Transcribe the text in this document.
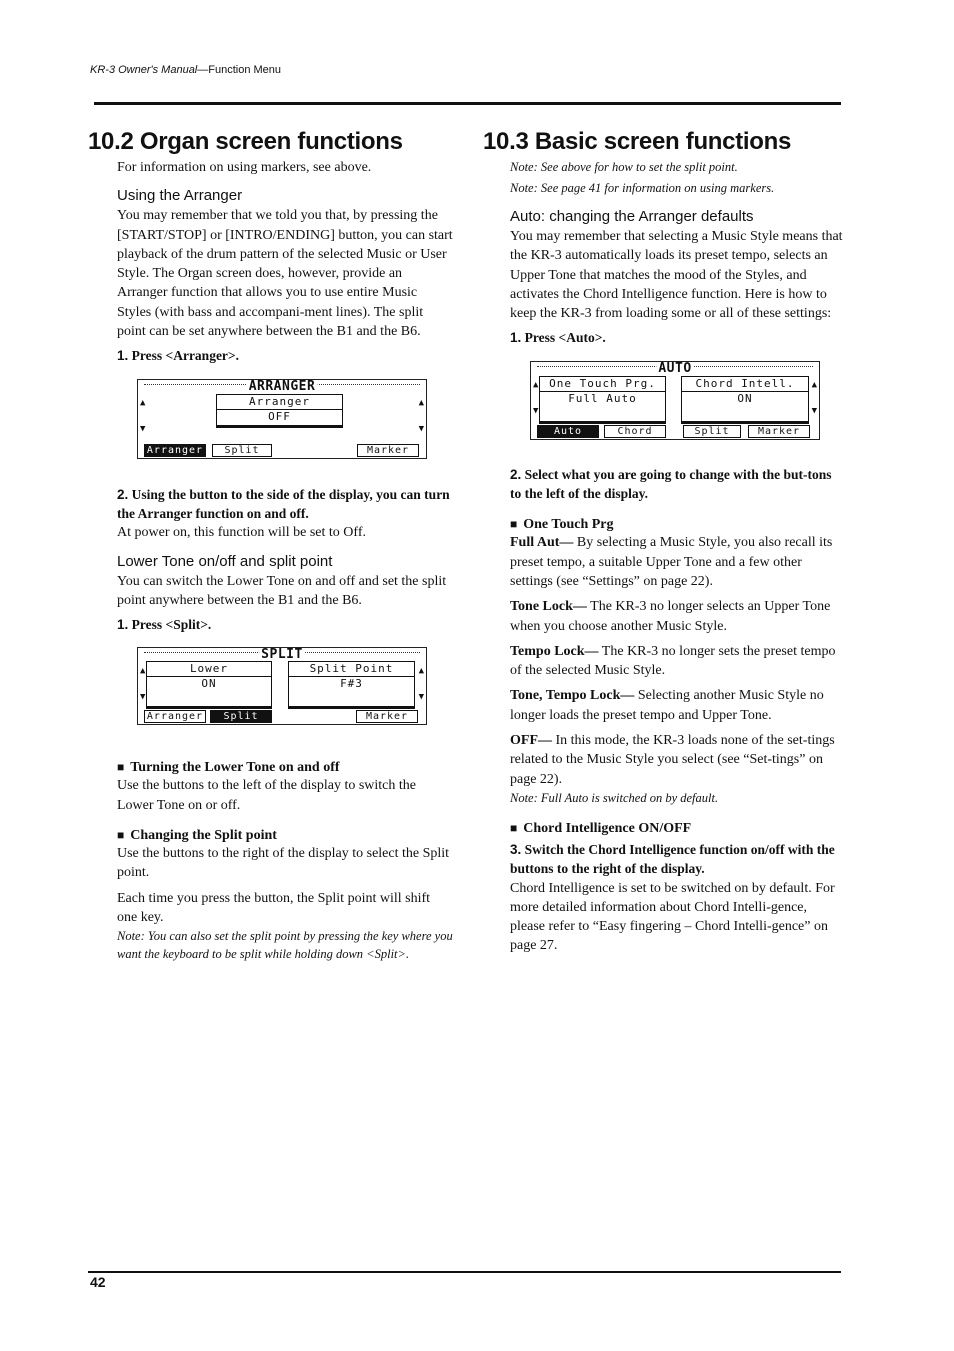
KR-3 Owner's Manual—Function Menu
10.2 Organ screen functions

For information on using markers, see above.

Using the Arranger

You may remember that we told you that, by pressing the [START/STOP] or [INTRO/ENDING] button, you can start playback of the drum pattern of the selected Music or User Style. The Organ screen does, however, provide an Arranger function that allows you to use entire Music Styles (with bass and accompani-ment lines). The split point can be set anywhere between the B1 and the B6.

1. Press <Arranger>.

ARRANGER
▲	▲
▼	▼
Arranger
OFF
Arranger	Split	Marker

2. Using the button to the side of the display, you can turn the Arranger function on and off.

At power on, this function will be set to Off.

Lower Tone on/off and split point

You can switch the Lower Tone on and off and set the split point anywhere between the B1 and the B6.

1. Press <Split>.

SPLIT
▲	▲
▼	▼
Lower
ON
Split Point
F#3
Arranger	Split	Marker

■ Turning the Lower Tone on and off

Use the buttons to the left of the display to switch the Lower Tone on or off.

■ Changing the Split point

Use the buttons to the right of the display to select the Split point.

Each time you press the button, the Split point will shift one key.

Note: You can also set the split point by pressing the key where you want the keyboard to be split while holding down <Split>.

10.3 Basic screen functions

Note: See above for how to set the split point.

Note: See page 41 for information on using markers.

Auto: changing the Arranger defaults

You may remember that selecting a Music Style means that the KR-3 automatically loads its preset tempo, selects an Upper Tone that matches the mood of the Styles, and activates the Chord Intelligence function. Here is how to keep the KR-3 from loading some or all of these settings:

1. Press <Auto>.

AUTO
▲	▲
▼	▼
One Touch Prg.
Full Auto
Chord Intell.
ON
Auto	Chord	Split	Marker

2. Select what you are going to change with the but-tons to the left of the display.

■ One Touch Prg

Full Aut— By selecting a Music Style, you also recall its preset tempo, a suitable Upper Tone and a few other settings (see “Settings” on page 22).

Tone Lock— The KR-3 no longer selects an Upper Tone when you choose another Music Style.

Tempo Lock— The KR-3 no longer sets the preset tempo of the selected Music Style.

Tone, Tempo Lock— Selecting another Music Style no longer loads the preset tempo and Upper Tone.

OFF— In this mode, the KR-3 loads none of the set-tings related to the Music Style you select (see “Set-tings” on page 22).

Note: Full Auto is switched on by default.

■ Chord Intelligence ON/OFF

3. Switch the Chord Intelligence function on/off with the buttons to the right of the display.

Chord Intelligence is set to be switched on by default. For more detailed information about Chord Intelli-gence, please refer to “Easy fingering – Chord Intelli-gence” on page 27.

42
